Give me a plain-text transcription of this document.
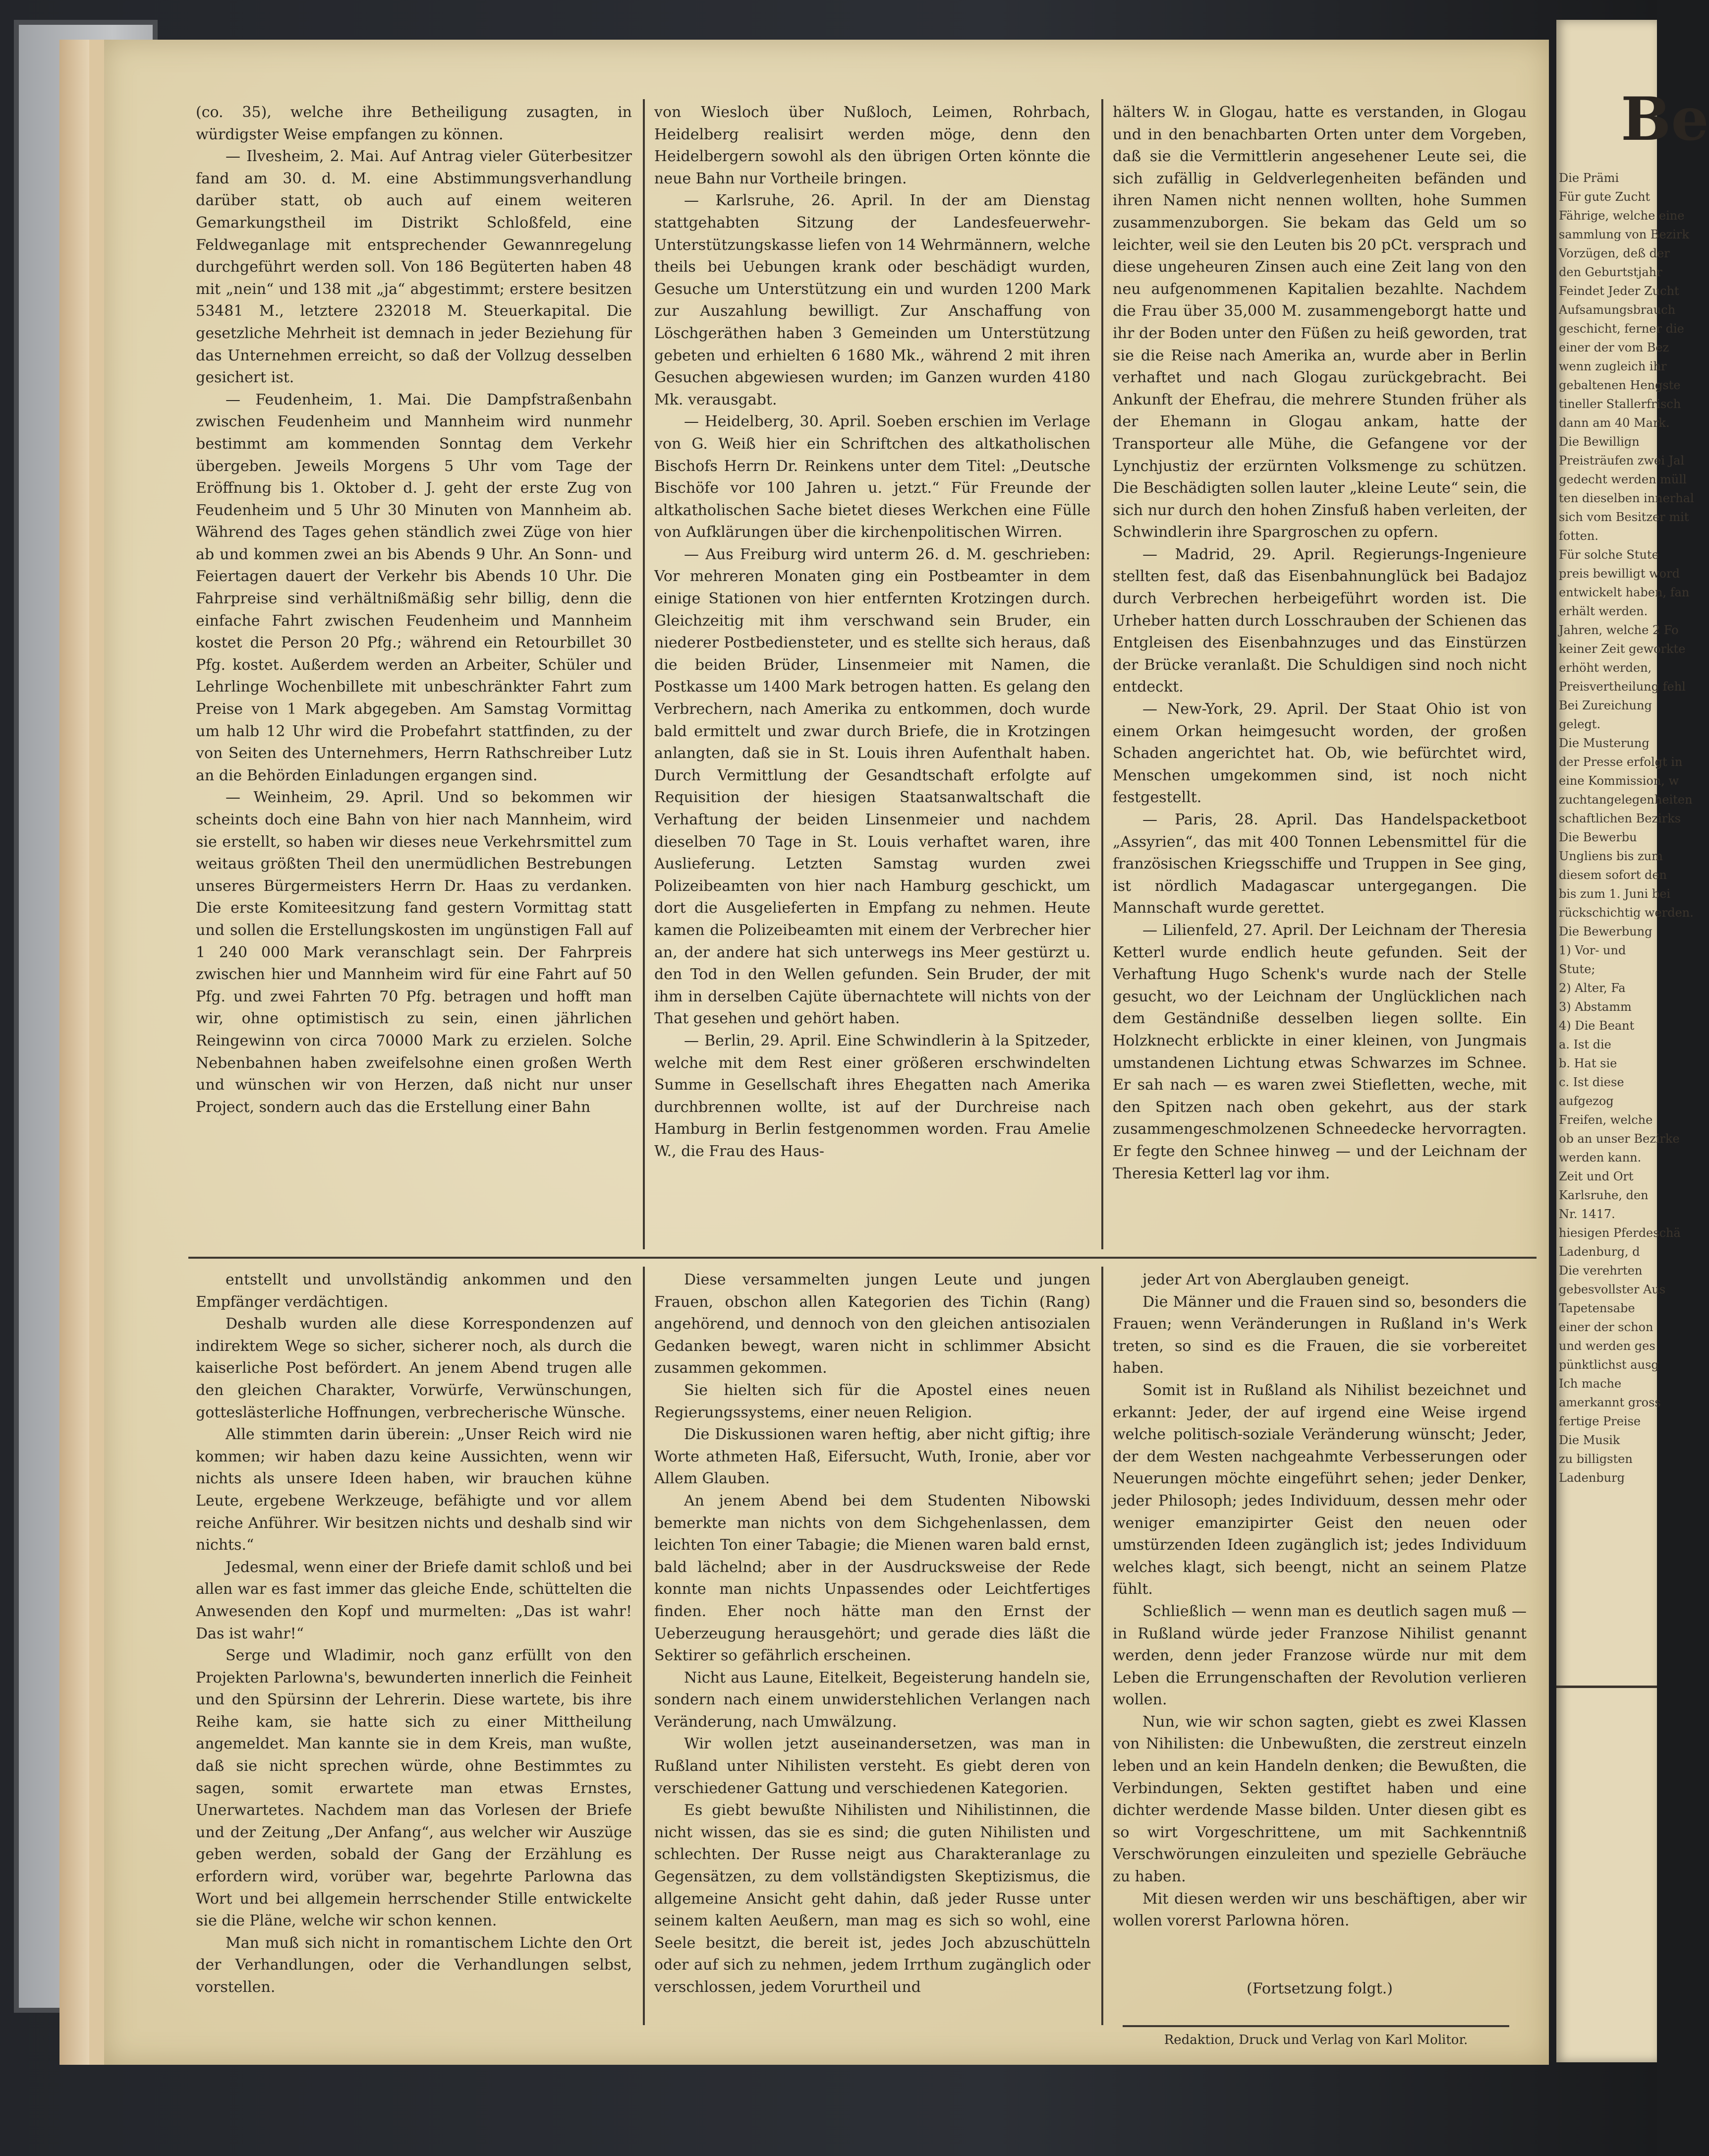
(co. 35), welche ihre Betheiligung zusagten, in würdigster Weise empfangen zu können.

— Ilvesheim, 2. Mai. Auf Antrag vieler Güterbesitzer fand am 30. d. M. eine Abstimmungsverhandlung darüber statt, ob auch auf einem weiteren Gemarkungstheil im Distrikt Schloßfeld, eine Feldweganlage mit entsprechender Gewannregelung durchgeführt werden soll. Von 186 Begüterten haben 48 mit „nein“ und 138 mit „ja“ abgestimmt; erstere besitzen 53481 M., letztere 232018 M. Steuerkapital. Die gesetzliche Mehrheit ist demnach in jeder Beziehung für das Unternehmen erreicht, so daß der Vollzug desselben gesichert ist.

— Feudenheim, 1. Mai. Die Dampfstraßenbahn zwischen Feudenheim und Mannheim wird nunmehr bestimmt am kommenden Sonntag dem Verkehr übergeben. Jeweils Morgens 5 Uhr vom Tage der Eröffnung bis 1. Oktober d. J. geht der erste Zug von Feudenheim und 5 Uhr 30 Minuten von Mannheim ab. Während des Tages gehen ständlich zwei Züge von hier ab und kommen zwei an bis Abends 9 Uhr. An Sonn- und Feiertagen dauert der Verkehr bis Abends 10 Uhr. Die Fahrpreise sind verhältnißmäßig sehr billig, denn die einfache Fahrt zwischen Feudenheim und Mannheim kostet die Person 20 Pfg.; während ein Retourbillet 30 Pfg. kostet. Außerdem werden an Arbeiter, Schüler und Lehrlinge Wochenbillete mit unbeschränkter Fahrt zum Preise von 1 Mark abgegeben. Am Samstag Vormittag um halb 12 Uhr wird die Probefahrt stattfinden, zu der von Seiten des Unternehmers, Herrn Rathschreiber Lutz an die Behörden Einladungen ergangen sind.

— Weinheim, 29. April. Und so bekommen wir scheints doch eine Bahn von hier nach Mannheim, wird sie erstellt, so haben wir dieses neue Verkehrsmittel zum weitaus größten Theil den unermüdlichen Bestrebungen unseres Bürgermeisters Herrn Dr. Haas zu verdanken. Die erste Komiteesitzung fand gestern Vormittag statt und sollen die Erstellungskosten im ungünstigen Fall auf 1 240 000 Mark veranschlagt sein. Der Fahrpreis zwischen hier und Mannheim wird für eine Fahrt auf 50 Pfg. und zwei Fahrten 70 Pfg. betragen und hofft man wir, ohne optimistisch zu sein, einen jährlichen Reingewinn von circa 70000 Mark zu erzielen. Solche Nebenbahnen haben zweifelsohne einen großen Werth und wünschen wir von Herzen, daß nicht nur unser Project, sondern auch das die Erstellung einer Bahn

von Wiesloch über Nußloch, Leimen, Rohrbach, Heidelberg realisirt werden möge, denn den Heidelbergern sowohl als den übrigen Orten könnte die neue Bahn nur Vortheile bringen.

— Karlsruhe, 26. April. In der am Dienstag stattgehabten Sitzung der Landesfeuerwehr-Unterstützungskasse liefen von 14 Wehrmännern, welche theils bei Uebungen krank oder beschädigt wurden, Gesuche um Unterstützung ein und wurden 1200 Mark zur Auszahlung bewilligt. Zur Anschaffung von Löschgeräthen haben 3 Gemeinden um Unterstützung gebeten und erhielten 6 1680 Mk., während 2 mit ihren Gesuchen abgewiesen wurden; im Ganzen wurden 4180 Mk. verausgabt.

— Heidelberg, 30. April. Soeben erschien im Verlage von G. Weiß hier ein Schriftchen des altkatholischen Bischofs Herrn Dr. Reinkens unter dem Titel: „Deutsche Bischöfe vor 100 Jahren u. jetzt.“ Für Freunde der altkatholischen Sache bietet dieses Werkchen eine Fülle von Aufklärungen über die kirchenpolitischen Wirren.

— Aus Freiburg wird unterm 26. d. M. geschrieben: Vor mehreren Monaten ging ein Postbeamter in dem einige Stationen von hier entfernten Krotzingen durch. Gleichzeitig mit ihm verschwand sein Bruder, ein niederer Postbediensteter, und es stellte sich heraus, daß die beiden Brüder, Linsenmeier mit Namen, die Postkasse um 1400 Mark betrogen hatten. Es gelang den Verbrechern, nach Amerika zu entkommen, doch wurde bald ermittelt und zwar durch Briefe, die in Krotzingen anlangten, daß sie in St. Louis ihren Aufenthalt haben. Durch Vermittlung der Gesandtschaft erfolgte auf Requisition der hiesigen Staatsanwaltschaft die Verhaftung der beiden Linsenmeier und nachdem dieselben 70 Tage in St. Louis verhaftet waren, ihre Auslieferung. Letzten Samstag wurden zwei Polizeibeamten von hier nach Hamburg geschickt, um dort die Ausgelieferten in Empfang zu nehmen. Heute kamen die Polizeibeamten mit einem der Verbrecher hier an, der andere hat sich unterwegs ins Meer gestürzt u. den Tod in den Wellen gefunden. Sein Bruder, der mit ihm in derselben Cajüte übernachtete will nichts von der That gesehen und gehört haben.

— Berlin, 29. April. Eine Schwindlerin à la Spitzeder, welche mit dem Rest einer größeren erschwindelten Summe in Gesellschaft ihres Ehegatten nach Amerika durchbrennen wollte, ist auf der Durchreise nach Hamburg in Berlin festgenommen worden. Frau Amelie W., die Frau des Haus-

hälters W. in Glogau, hatte es verstanden, in Glogau und in den benachbarten Orten unter dem Vorgeben, daß sie die Vermittlerin angesehener Leute sei, die sich zufällig in Geldverlegenheiten befänden und ihren Namen nicht nennen wollten, hohe Summen zusammenzuborgen. Sie bekam das Geld um so leichter, weil sie den Leuten bis 20 pCt. versprach und diese ungeheuren Zinsen auch eine Zeit lang von den neu aufgenommenen Kapitalien bezahlte. Nachdem die Frau über 35,000 M. zusammengeborgt hatte und ihr der Boden unter den Füßen zu heiß geworden, trat sie die Reise nach Amerika an, wurde aber in Berlin verhaftet und nach Glogau zurückgebracht. Bei Ankunft der Ehefrau, die mehrere Stunden früher als der Ehemann in Glogau ankam, hatte der Transporteur alle Mühe, die Gefangene vor der Lynchjustiz der erzürnten Volksmenge zu schützen. Die Beschädigten sollen lauter „kleine Leute“ sein, die sich nur durch den hohen Zinsfuß haben verleiten, der Schwindlerin ihre Spargroschen zu opfern.

— Madrid, 29. April. Regierungs-Ingenieure stellten fest, daß das Eisenbahnunglück bei Badajoz durch Verbrechen herbeigeführt worden ist. Die Urheber hatten durch Losschrauben der Schienen das Entgleisen des Eisenbahnzuges und das Einstürzen der Brücke veranlaßt. Die Schuldigen sind noch nicht entdeckt.

— New-York, 29. April. Der Staat Ohio ist von einem Orkan heimgesucht worden, der großen Schaden angerichtet hat. Ob, wie befürchtet wird, Menschen umgekommen sind, ist noch nicht festgestellt.

— Paris, 28. April. Das Handelspacketboot „Assyrien“, das mit 400 Tonnen Lebensmittel für die französischen Kriegsschiffe und Truppen in See ging, ist nördlich Madagascar untergegangen. Die Mannschaft wurde gerettet.

— Lilienfeld, 27. April. Der Leichnam der Theresia Ketterl wurde endlich heute gefunden. Seit der Verhaftung Hugo Schenk's wurde nach der Stelle gesucht, wo der Leichnam der Unglücklichen nach dem Geständniße desselben liegen sollte. Ein Holzknecht erblickte in einer kleinen, von Jungmais umstandenen Lichtung etwas Schwarzes im Schnee. Er sah nach — es waren zwei Stiefletten, weche, mit den Spitzen nach oben gekehrt, aus der stark zusammengeschmolzenen Schneedecke hervorragten. Er fegte den Schnee hinweg — und der Leichnam der Theresia Ketterl lag vor ihm.

entstellt und unvollständig ankommen und den Empfänger verdächtigen.

Deshalb wurden alle diese Korrespondenzen auf indirektem Wege so sicher, sicherer noch, als durch die kaiserliche Post befördert. An jenem Abend trugen alle den gleichen Charakter, Vorwürfe, Verwünschungen, gotteslästerliche Hoffnungen, verbrecherische Wünsche.

Alle stimmten darin überein: „Unser Reich wird nie kommen; wir haben dazu keine Aussichten, wenn wir nichts als unsere Ideen haben, wir brauchen kühne Leute, ergebene Werkzeuge, befähigte und vor allem reiche Anführer. Wir besitzen nichts und deshalb sind wir nichts.“

Jedesmal, wenn einer der Briefe damit schloß und bei allen war es fast immer das gleiche Ende, schüttelten die Anwesenden den Kopf und murmelten: „Das ist wahr! Das ist wahr!“

Serge und Wladimir, noch ganz erfüllt von den Projekten Parlowna's, bewunderten innerlich die Feinheit und den Spürsinn der Lehrerin. Diese wartete, bis ihre Reihe kam, sie hatte sich zu einer Mittheilung angemeldet. Man kannte sie in dem Kreis, man wußte, daß sie nicht sprechen würde, ohne Bestimmtes zu sagen, somit erwartete man etwas Ernstes, Unerwartetes. Nachdem man das Vorlesen der Briefe und der Zeitung „Der Anfang“, aus welcher wir Auszüge geben werden, sobald der Gang der Erzählung es erfordern wird, vorüber war, begehrte Parlowna das Wort und bei allgemein herrschender Stille entwickelte sie die Pläne, welche wir schon kennen.

Man muß sich nicht in romantischem Lichte den Ort der Verhandlungen, oder die Verhandlungen selbst, vorstellen.

Diese versammelten jungen Leute und jungen Frauen, obschon allen Kategorien des Tichin (Rang) angehörend, und dennoch von den gleichen antisozialen Gedanken bewegt, waren nicht in schlimmer Absicht zusammen gekommen.

Sie hielten sich für die Apostel eines neuen Regierungssystems, einer neuen Religion.

Die Diskussionen waren heftig, aber nicht giftig; ihre Worte athmeten Haß, Eifersucht, Wuth, Ironie, aber vor Allem Glauben.

An jenem Abend bei dem Studenten Nibowski bemerkte man nichts von dem Sichgehenlassen, dem leichten Ton einer Tabagie; die Mienen waren bald ernst, bald lächelnd; aber in der Ausdrucksweise der Rede konnte man nichts Unpassendes oder Leichtfertiges finden. Eher noch hätte man den Ernst der Ueberzeugung herausgehört; und gerade dies läßt die Sektirer so gefährlich erscheinen.

Nicht aus Laune, Eitelkeit, Begeisterung handeln sie, sondern nach einem unwiderstehlichen Verlangen nach Veränderung, nach Umwälzung.

Wir wollen jetzt auseinandersetzen, was man in Rußland unter Nihilisten versteht. Es giebt deren von verschiedener Gattung und verschiedenen Kategorien.

Es giebt bewußte Nihilisten und Nihilistinnen, die nicht wissen, das sie es sind; die guten Nihilisten und schlechten. Der Russe neigt aus Charakteranlage zu Gegensätzen, zu dem vollständigsten Skeptizismus, die allgemeine Ansicht geht dahin, daß jeder Russe unter seinem kalten Aeußern, man mag es sich so wohl, eine Seele besitzt, die bereit ist, jedes Joch abzuschütteln oder auf sich zu nehmen, jedem Irrthum zugänglich oder verschlossen, jedem Vorurtheil und

jeder Art von Aberglauben geneigt.

Die Männer und die Frauen sind so, besonders die Frauen; wenn Veränderungen in Rußland in's Werk treten, so sind es die Frauen, die sie vorbereitet haben.

Somit ist in Rußland als Nihilist bezeichnet und erkannt: Jeder, der auf irgend eine Weise irgend welche politisch-soziale Veränderung wünscht; Jeder, der dem Westen nachgeahmte Verbesserungen oder Neuerungen möchte eingeführt sehen; jeder Denker, jeder Philosoph; jedes Individuum, dessen mehr oder weniger emanzipirter Geist den neuen oder umstürzenden Ideen zugänglich ist; jedes Individuum welches klagt, sich beengt, nicht an seinem Platze fühlt.

Schließlich — wenn man es deutlich sagen muß — in Rußland würde jeder Franzose Nihilist genannt werden, denn jeder Franzose würde nur mit dem Leben die Errungenschaften der Revolution verlieren wollen.

Nun, wie wir schon sagten, giebt es zwei Klassen von Nihilisten: die Unbewußten, die zerstreut einzeln leben und an kein Handeln denken; die Bewußten, die Verbindungen, Sekten gestiftet haben und eine dichter werdende Masse bilden. Unter diesen gibt es so wirt Vorgeschrittene, um mit Sachkenntniß Verschwörungen einzuleiten und spezielle Gebräuche zu haben.

Mit diesen werden wir uns beschäftigen, aber wir wollen vorerst Parlowna hören.

(Fortsetzung folgt.)
Redaktion, Druck und Verlag von Karl Molitor.
Be
Die Prämi
Für gute Zucht
Fährige, welche eine
sammlung von Bezirk
Vorzügen, deß der
den Geburtstjahr
Feindet Jeder Zucht
Aufsamungsbrauch
geschicht, ferner die
einer der vom Bez
wenn zugleich ihr
gebaltenen Hengste
tineller Stallerfrisch
dann am 40 Mark.
Die Bewillign
Preisträufen zwei Jal
gedecht werden müll
ten dieselben innerhal
sich vom Besitzer mit
fotten.
Für solche Stute
preis bewilligt word
entwickelt haben, fan
erhält werden.
Jahren, welche 2 Fo
keiner Zeit geworkte
erhöht werden,
Preisvertheilung fehl
Bei Zureichung
gelegt.
Die Musterung
der Presse erfolgt in
eine Kommission, w
zuchtangelegenheiten
schaftlichen Bezirks
Die Bewerbu
Ungliens bis zum
diesem sofort den
bis zum 1. Juni bei
rückschichtig werden.
Die Bewerbung
1) Vor- und
Stute;
2) Alter, Fa
3) Abstamm
4) Die Beant
a. Ist die
b. Hat sie
c. Ist diese
aufgezog
Freifen, welche
ob an unser Bezirke
werden kann.
Zeit und Ort
Karlsruhe, den
Nr. 1417.
hiesigen Pferdeschä
Ladenburg, d
Die verehrten
gebesvollster Aus
Tapetensabe
einer der schon
und werden ges
pünktlichst ausg
Ich mache
amerkannt gross
fertige Preise
Die Musik
zu billigsten
Ladenburg
